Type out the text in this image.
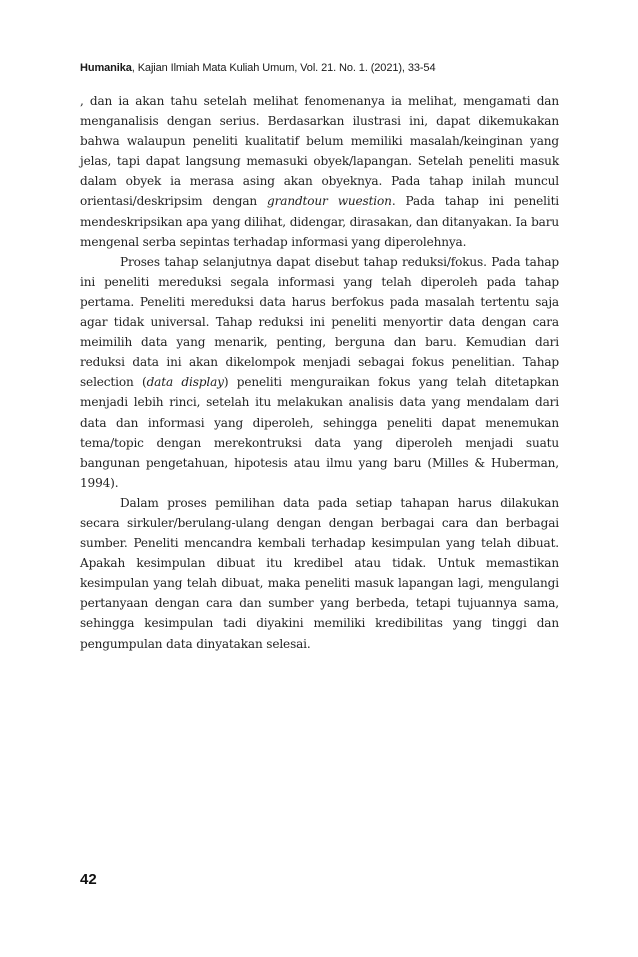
Humanika, Kajian Ilmiah Mata Kuliah Umum, Vol. 21. No. 1. (2021), 33-54

, dan ia akan tahu setelah melihat fenomenanya ia melihat, mengamati dan menganalisis dengan serius. Berdasarkan ilustrasi ini, dapat dikemukakan bahwa walaupun peneliti kualitatif belum memiliki masalah/keinginan yang jelas, tapi dapat langsung memasuki obyek/lapangan. Setelah peneliti masuk dalam obyek ia merasa asing akan obyeknya. Pada tahap inilah muncul orientasi/deskripsim dengan grandtour wuestion. Pada tahap ini peneliti mendeskripsikan apa yang dilihat, didengar, dirasakan, dan ditanyakan. Ia baru mengenal serba sepintas terhadap informasi yang diperolehnya.

Proses tahap selanjutnya dapat disebut tahap reduksi/fokus. Pada tahap ini peneliti mereduksi segala informasi yang telah diperoleh pada tahap pertama. Peneliti mereduksi data harus berfokus pada masalah tertentu saja agar tidak universal. Tahap reduksi ini peneliti menyortir data dengan cara meimilih data yang menarik, penting, berguna dan baru. Kemudian dari reduksi data ini akan dikelompok menjadi sebagai fokus penelitian. Tahap selection (data display) peneliti menguraikan fokus yang telah ditetapkan menjadi lebih rinci, setelah itu melakukan analisis data yang mendalam dari data dan informasi yang diperoleh, sehingga peneliti dapat menemukan tema/topic dengan merekontruksi data yang diperoleh menjadi suatu bangunan pengetahuan, hipotesis atau ilmu yang baru (Milles & Huberman, 1994).

Dalam proses pemilihan data pada setiap tahapan harus dilakukan secara sirkuler/berulang-ulang dengan dengan berbagai cara dan berbagai sumber. Peneliti mencandra kembali terhadap kesimpulan yang telah dibuat. Apakah kesimpulan dibuat itu kredibel atau tidak. Untuk memastikan kesimpulan yang telah dibuat, maka peneliti masuk lapangan lagi, mengulangi pertanyaan dengan cara dan sumber yang berbeda, tetapi tujuannya sama, sehingga kesimpulan tadi diyakini memiliki kredibilitas yang tinggi dan pengumpulan data dinyatakan selesai.

42
